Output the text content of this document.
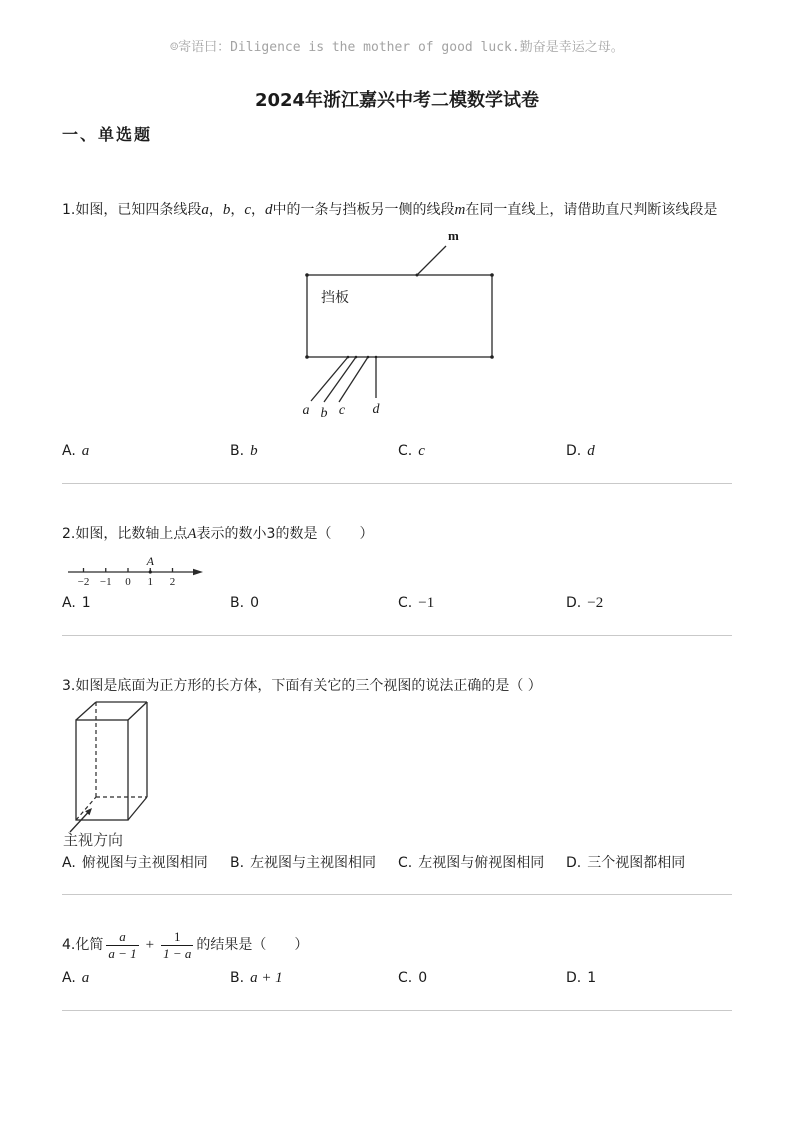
☺寄语曰：Diligence is the mother of good luck.勤奋是幸运之母。
2024年浙江嘉兴中考二模数学试卷
一、单选题
1. 如图，已知四条线段 a ， b ， c ， d 中的一条与挡板另一侧的线段 m 在同一直线上，请借助直尺判断该线段是
挡板
m
a b c d
A. a	B. b	C. c	D. d
2. 如图，比数轴上点 A 表示的数小3的数是（　　）
−2 −1 0 1 2
A
A. 1	B. 0	C. −1	D. −2
3. 如图是底面为正方形的长方体，下面有关它的三个视图的说法正确的是（ ）
主视方向
A. 俯视图与主视图相同 B. 左视图与主视图相同 C. 左视图与俯视图相同 D. 三个视图都相同
4. 化简 $\frac{a}{a - 1} + \frac{1}{1 - a}$ 的结果是（　　）
A. a	B. a + 1	C. 0	D. 1
